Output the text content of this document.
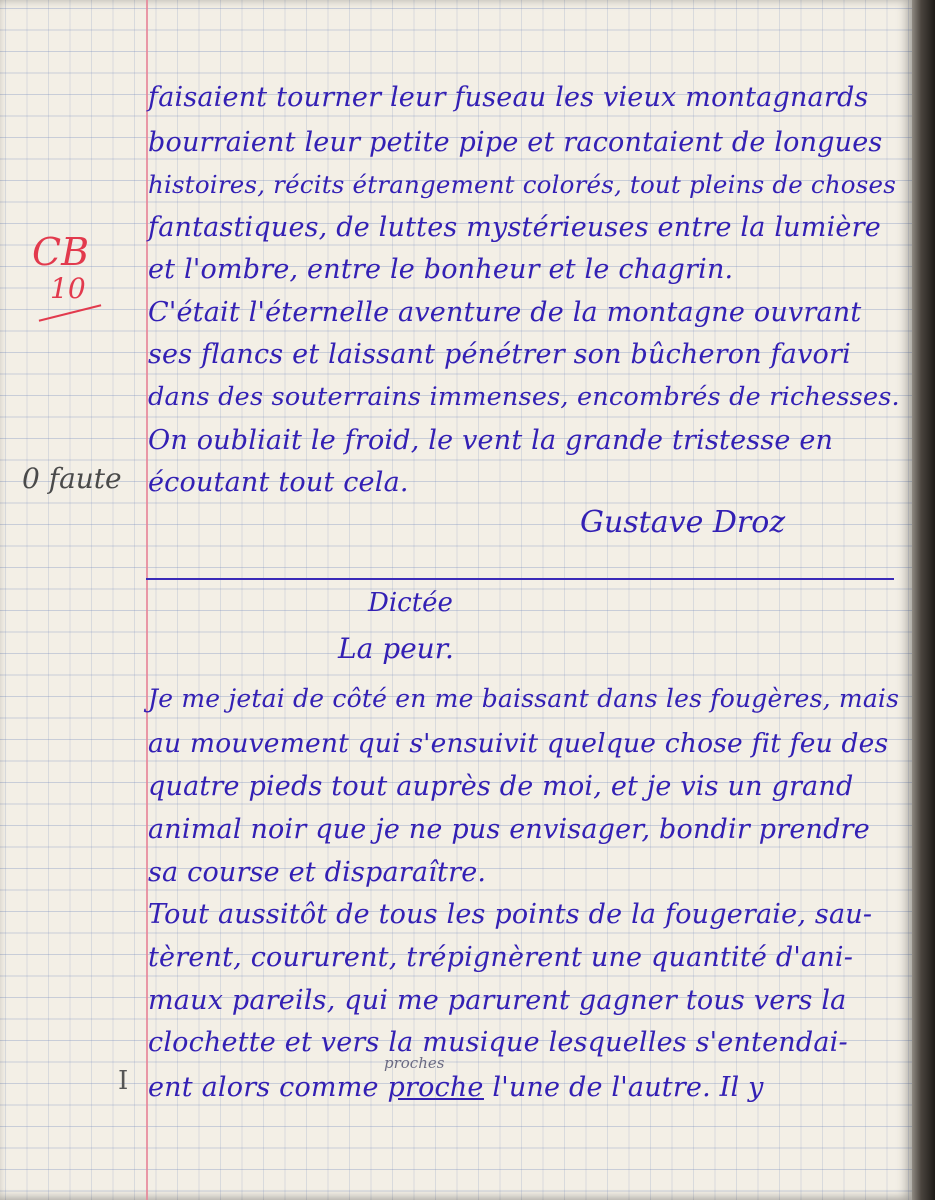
CB
10
0 faute
faisaient tourner leur fuseau les vieux montagnards
bourraient leur petite pipe et racontaient de longues
histoires, récits étrangement colorés, tout pleins de choses
fantastiques, de luttes mystérieuses entre la lumière
et l'ombre, entre le bonheur et le chagrin.
C'était l'éternelle aventure de la montagne ouvrant
ses flancs et laissant pénétrer son bûcheron favori
dans des souterrains immenses, encombrés de richesses.
On oubliait le froid, le vent la grande tristesse en
écoutant tout cela.
Gustave Droz
Dictée
La peur.
Je me jetai de côté en me baissant dans les fougères, mais
au mouvement qui s'ensuivit quelque chose fit feu des
quatre pieds tout auprès de moi, et je vis un grand
animal noir que je ne pus envisager, bondir prendre
sa course et disparaître.
Tout aussitôt de tous les points de la fougeraie, sau-
tèrent, coururent, trépignèrent une quantité d'ani-
maux pareils, qui me parurent gagner tous vers la
clochette et vers la musique lesquelles s'entendai-
ent alors comme proche l'une de l'autre. Il y
proches
I
